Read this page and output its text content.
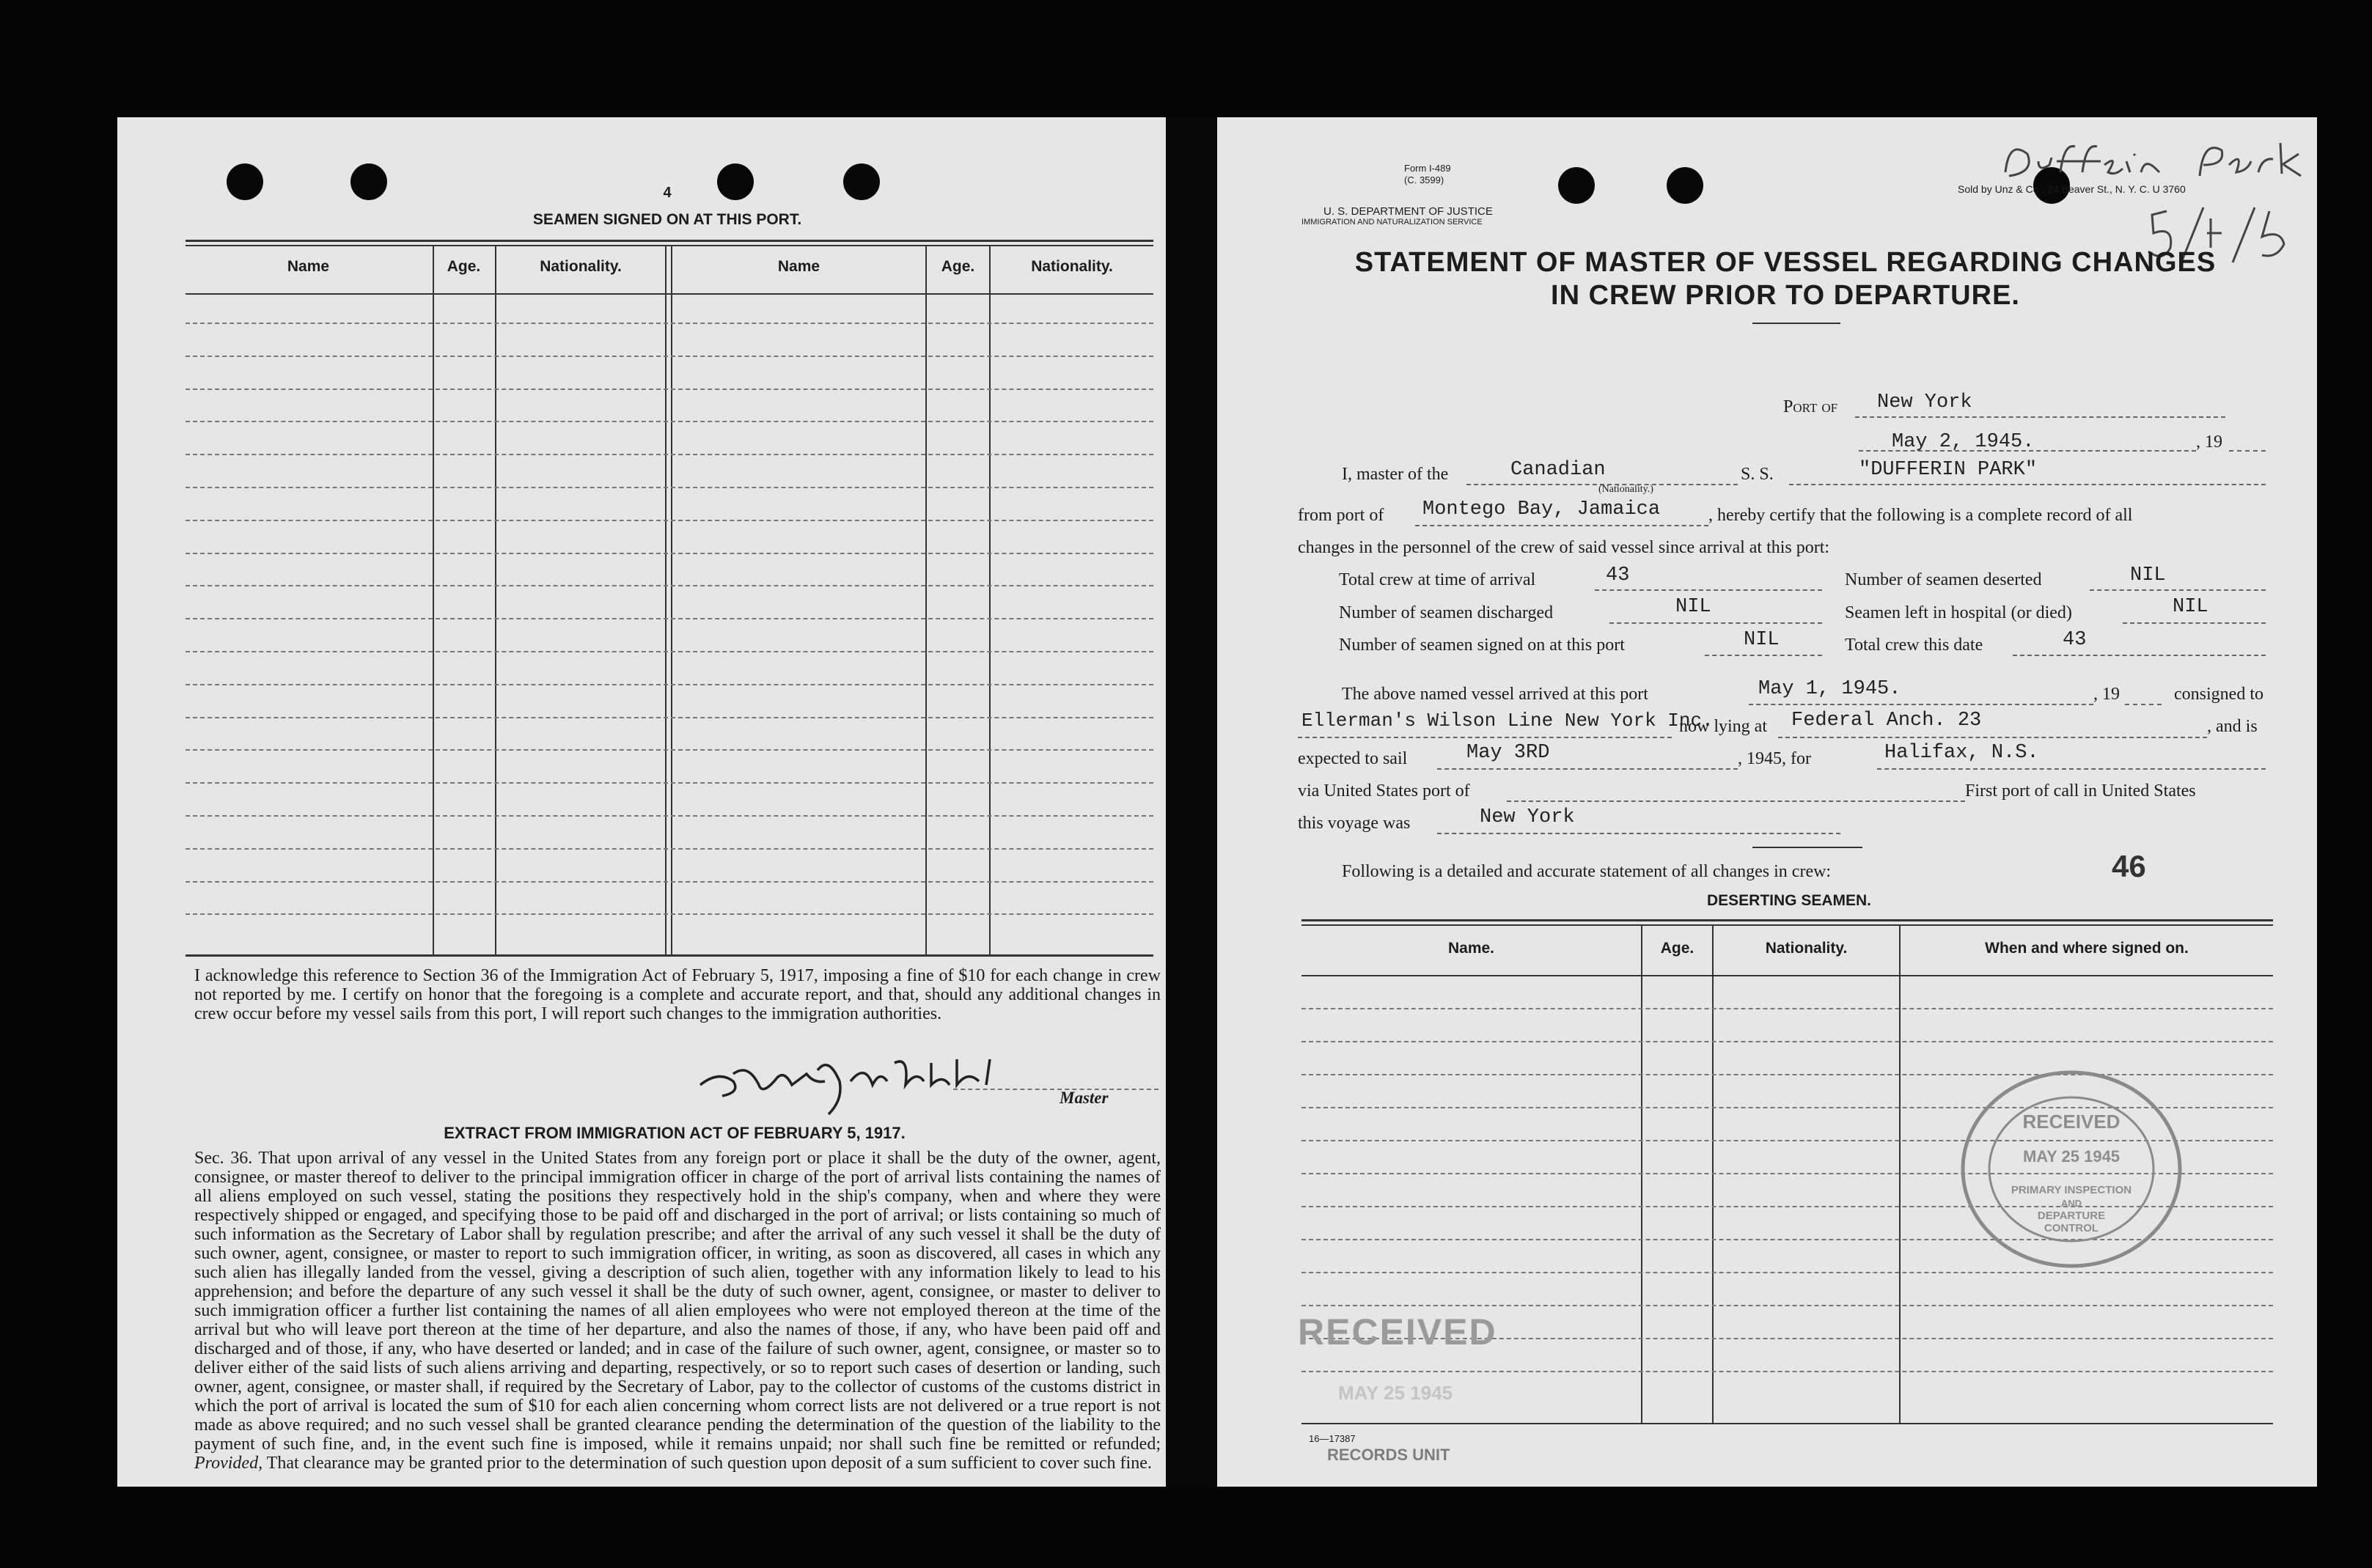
4
SEAMEN SIGNED ON AT THIS PORT.
Name	Age.	Nationality.	Name	Age.	Nationality.
I acknowledge this reference to Section 36 of the Immigration Act of February 5, 1917, imposing a fine of $10 for each change in crew not reported by me. I certify on honor that the foregoing is a complete and accurate report, and that, should any additional changes in crew occur before my vessel sails from this port, I will report such changes to the immigration authorities.
Master
EXTRACT FROM IMMIGRATION ACT OF FEBRUARY 5, 1917.
Sec. 36. That upon arrival of any vessel in the United States from any foreign port or place it shall be the duty of the owner, agent, consignee, or master thereof to deliver to the principal immigration officer in charge of the port of arrival lists containing the names of all aliens employed on such vessel, stating the positions they respectively hold in the ship's company, when and where they were respectively shipped or engaged, and specifying those to be paid off and discharged in the port of arrival; or lists containing so much of such information as the Secretary of Labor shall by regulation prescribe; and after the arrival of any such vessel it shall be the duty of such owner, agent, consignee, or master to report to such immigration officer, in writing, as soon as discovered, all cases in which any such alien has illegally landed from the vessel, giving a description of such alien, together with any information likely to lead to his apprehension; and before the departure of any such vessel it shall be the duty of such owner, agent, consignee, or master to deliver to such immigration officer a further list containing the names of all alien employees who were not employed thereon at the time of the arrival but who will leave port thereon at the time of her departure, and also the names of those, if any, who have been paid off and discharged and of those, if any, who have deserted or landed; and in case of the failure of such owner, agent, consignee, or master so to deliver either of the said lists of such aliens arriving and departing, respectively, or so to report such cases of desertion or landing, such owner, agent, consignee, or master shall, if required by the Secretary of Labor, pay to the collector of customs of the customs district in which the port of arrival is located the sum of $10 for each alien concerning whom correct lists are not delivered or a true report is not made as above required; and no such vessel shall be granted clearance pending the determination of the question of the liability to the payment of such fine, and, in the event such fine is imposed, while it remains unpaid; nor shall such fine be remitted or refunded; Provided, That clearance may be granted prior to the determination of such question upon deposit of a sum sufficient to cover such fine.
Form I-489
(C. 3599)
U. S. DEPARTMENT OF JUSTICE
IMMIGRATION AND NATURALIZATION SERVICE
Sold by Unz & Co., 24 Beaver St., N. Y. C. U 3760
STATEMENT OF MASTER OF VESSEL REGARDING CHANGES
IN CREW PRIOR TO DEPARTURE.
Port of New York
May 2, 1945.	, 19
I, master of the	Canadian
(Nationality.)
S. S.	"DUFFERIN PARK"
from port of Montego Bay, Jamaica	, hereby certify that the following is a complete record of all
changes in the personnel of the crew of said vessel since arrival at this port:
Total crew at time of arrival	43	Number of seamen deserted	NIL
Number of seamen discharged	NIL	Seamen left in hospital (or died)	NIL
Number of seamen signed on at this port	NIL	Total crew this date	43
The above named vessel arrived at this port	May 1, 1945.	, 19	consigned to
Ellerman's Wilson Line New York Inc.
now lying at Federal Anch. 23	, and is
expected to sail	May 3RD	, 1945, for	Halifax, N.S.
via United States port of	First port of call in United States
this voyage was	New York
Following is a detailed and accurate statement of all changes in crew:	46
DESERTING SEAMEN.
Name.	Age.	Nationality.	When and where signed on.
RECEIVED
MAY 25 1945
PRIMARY INSPECTION
AND
DEPARTURE CONTROL
RECEIVED
MAY 25 1945
16—17387
RECORDS UNIT
